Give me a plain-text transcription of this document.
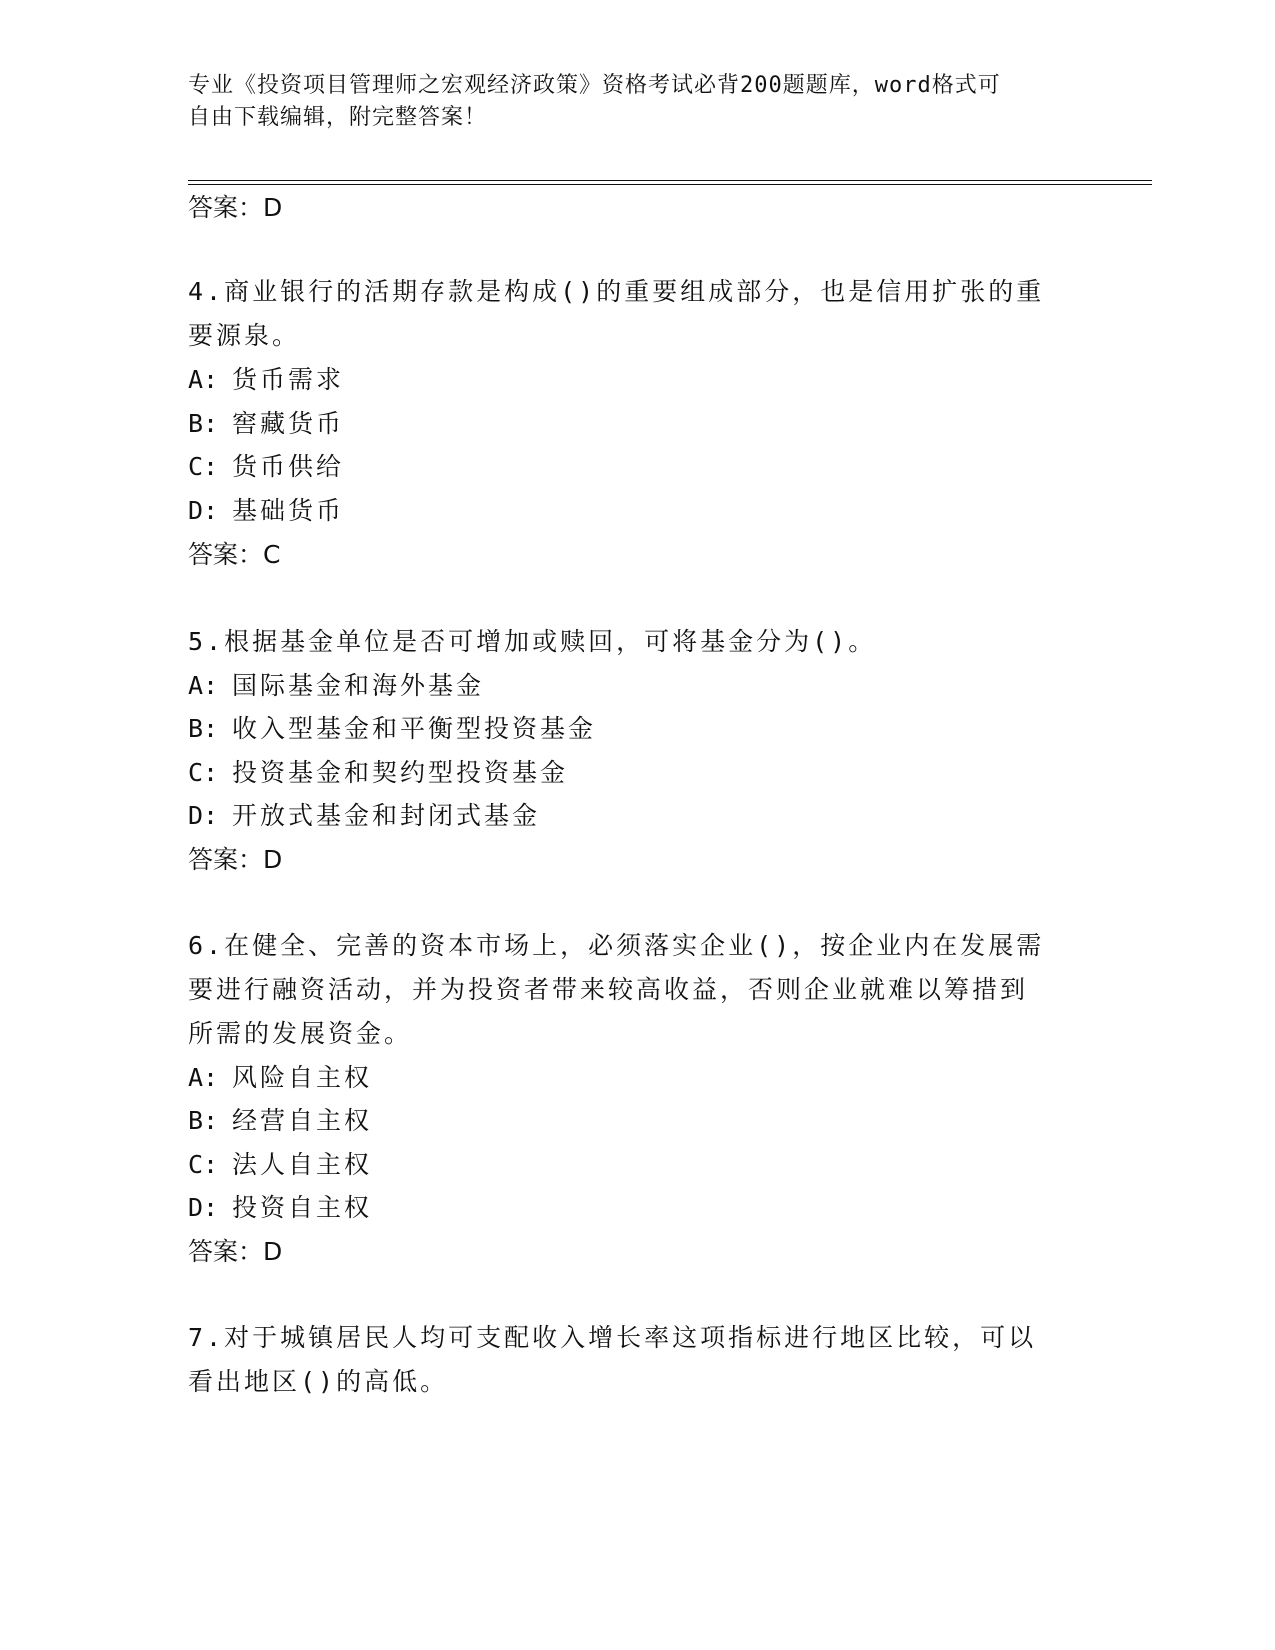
专业《投资项目管理师之宏观经济政策》资格考试必背200题题库，word格式可
自由下载编辑，附完整答案！
答案：D
4.商业银行的活期存款是构成()的重要组成部分，也是信用扩张的重
要源泉。
A: 货币需求
B: 窖藏货币
C: 货币供给
D: 基础货币
答案：C
5.根据基金单位是否可增加或赎回，可将基金分为()。
A: 国际基金和海外基金
B: 收入型基金和平衡型投资基金
C: 投资基金和契约型投资基金
D: 开放式基金和封闭式基金
答案：D
6.在健全、完善的资本市场上，必须落实企业()，按企业内在发展需
要进行融资活动，并为投资者带来较高收益，否则企业就难以筹措到
所需的发展资金。
A: 风险自主权
B: 经营自主权
C: 法人自主权
D: 投资自主权
答案：D
7.对于城镇居民人均可支配收入增长率这项指标进行地区比较，可以
看出地区()的高低。
